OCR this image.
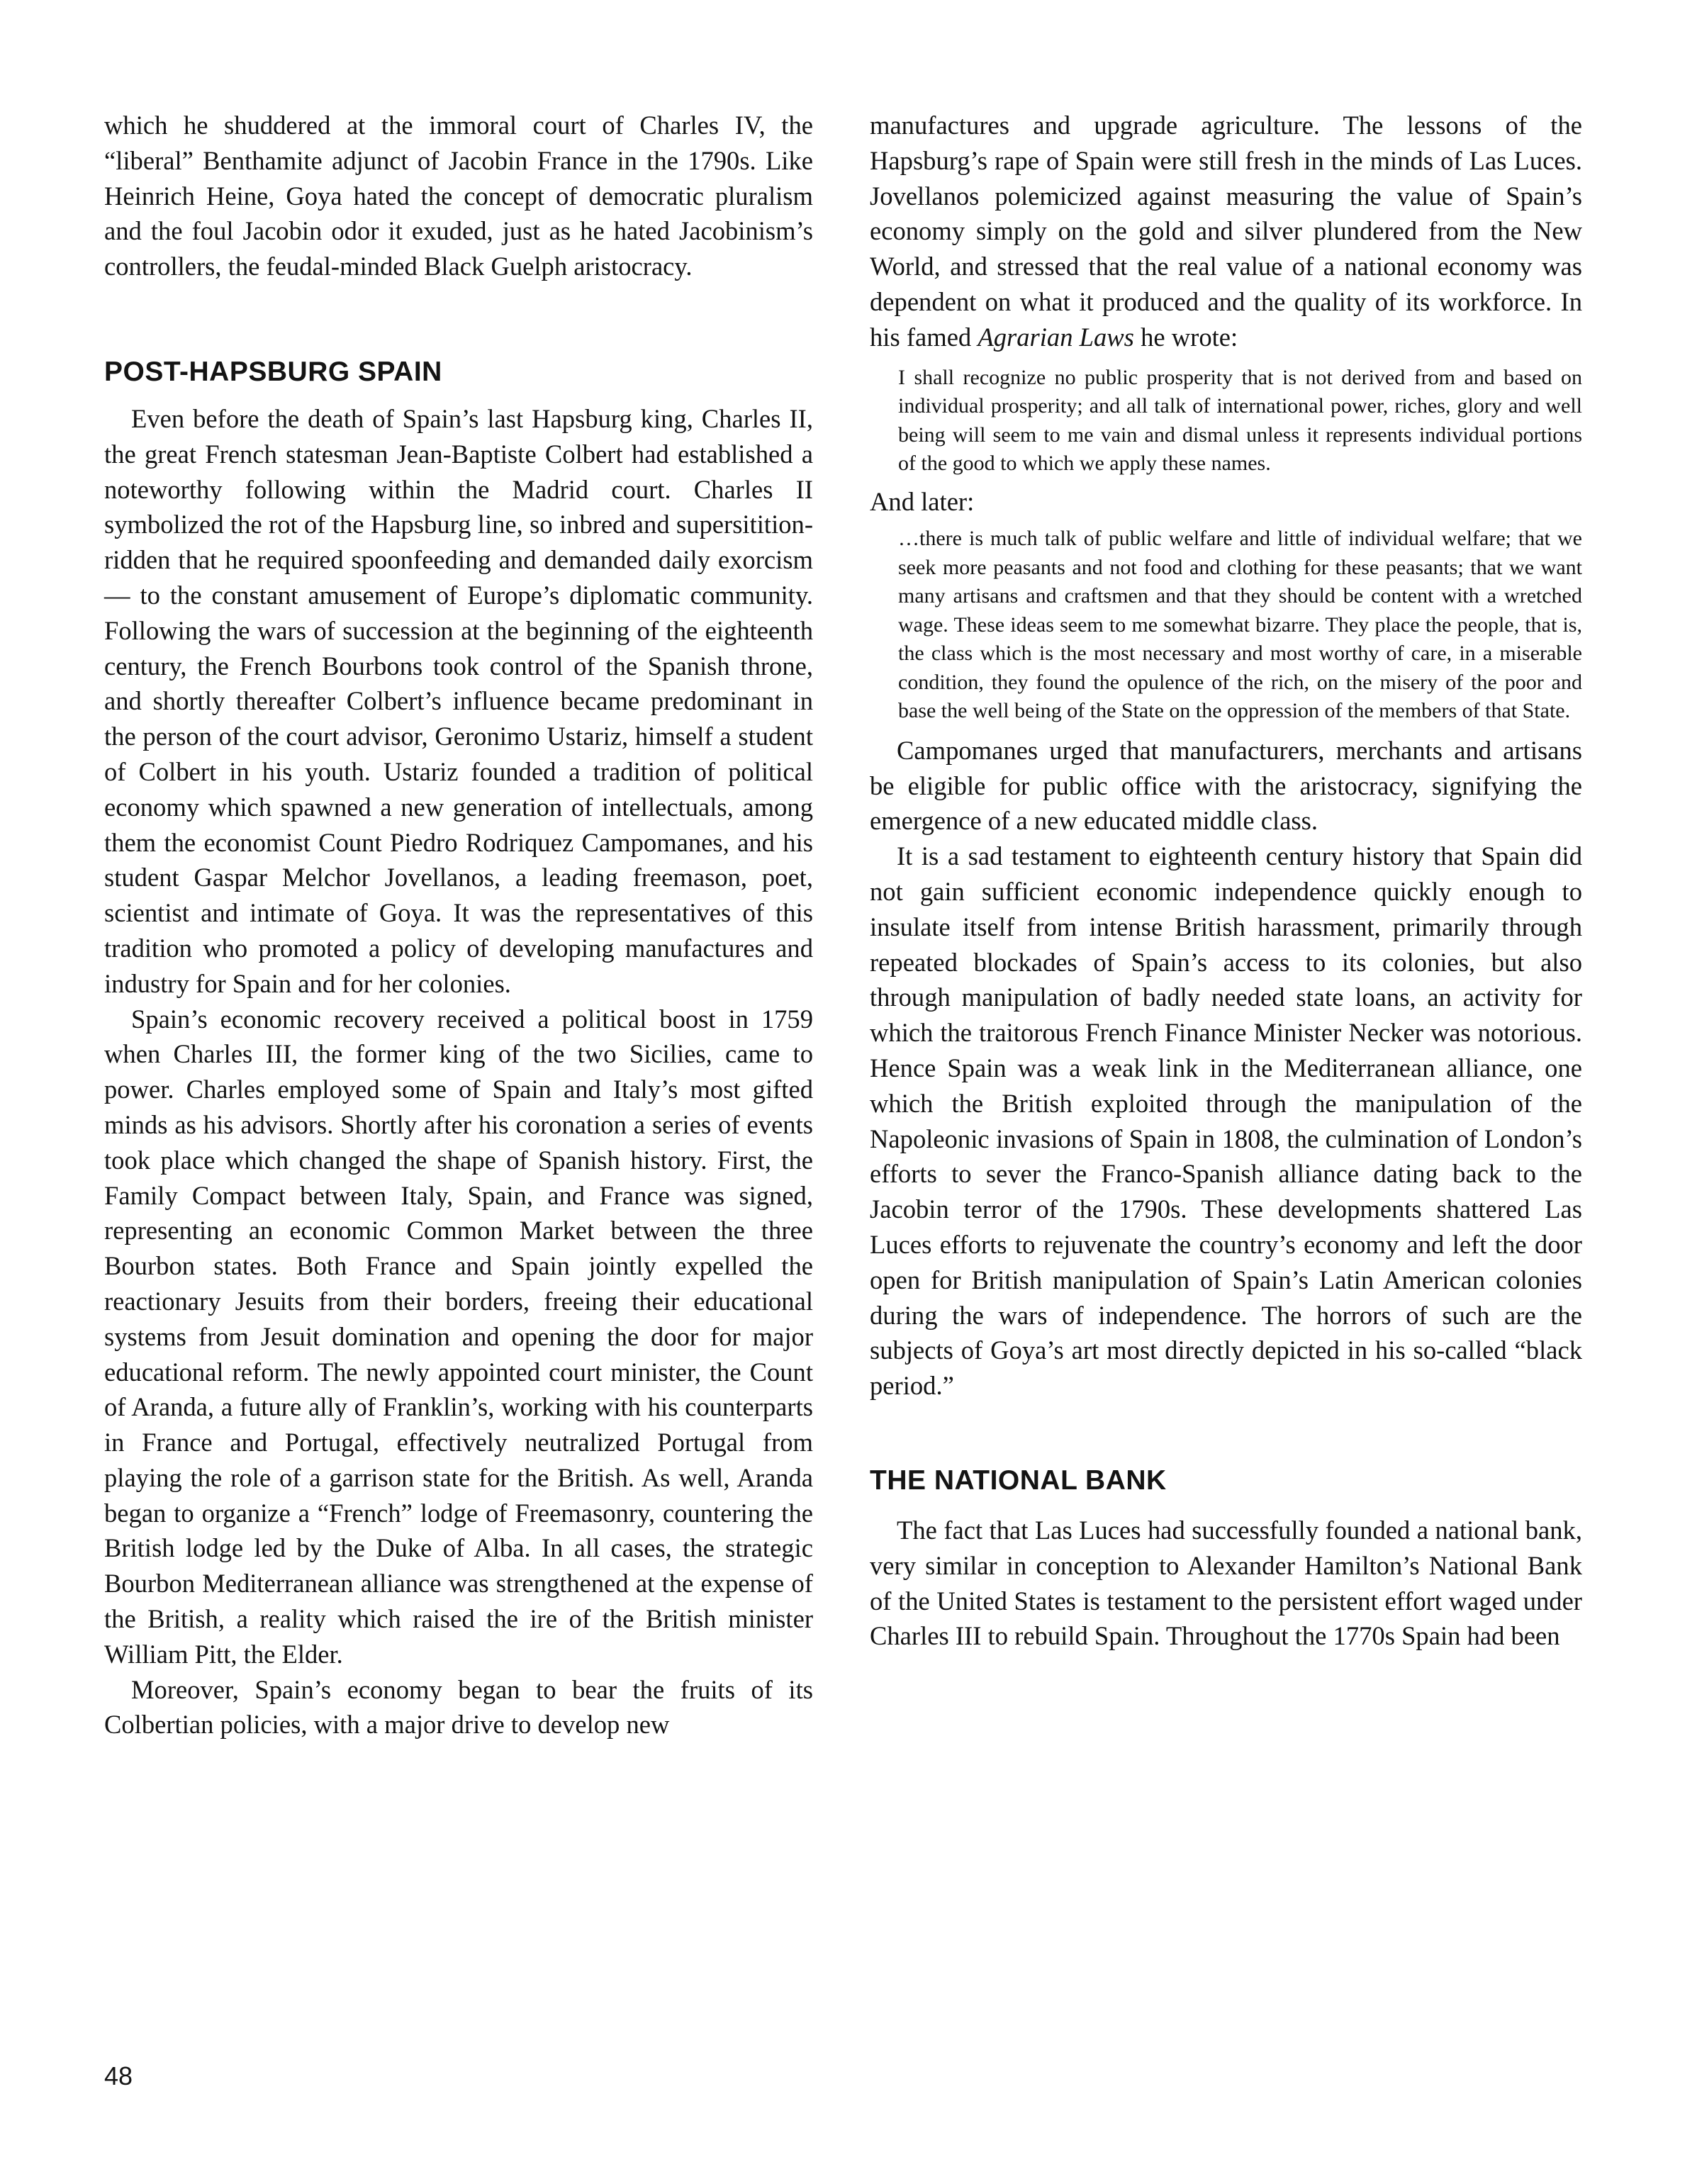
which he shuddered at the immoral court of Charles IV, the “liberal” Benthamite adjunct of Jacobin France in the 1790s. Like Heinrich Heine, Goya hated the concept of democratic pluralism and the foul Jacobin odor it exuded, just as he hated Jacobinism’s controllers, the feudal-minded Black Guelph aristocracy.

POST-HAPSBURG SPAIN

Even before the death of Spain’s last Hapsburg king, Charles II, the great French statesman Jean-Baptiste Colbert had established a noteworthy following within the Madrid court. Charles II symbolized the rot of the Hapsburg line, so inbred and supersitition-ridden that he required spoonfeeding and demanded daily exorcism — to the constant amusement of Europe’s diplomatic community. Following the wars of succession at the beginning of the eighteenth century, the French Bourbons took control of the Spanish throne, and shortly thereafter Colbert’s influence became predominant in the person of the court advisor, Geronimo Ustariz, himself a student of Colbert in his youth. Ustariz founded a tradition of political economy which spawned a new generation of intellectuals, among them the economist Count Piedro Rodriquez Campomanes, and his student Gaspar Melchor Jovellanos, a leading freemason, poet, scientist and intimate of Goya. It was the representatives of this tradition who promoted a policy of developing manufactures and industry for Spain and for her colonies.

Spain’s economic recovery received a political boost in 1759 when Charles III, the former king of the two Sicilies, came to power. Charles employed some of Spain and Italy’s most gifted minds as his advisors. Shortly after his coronation a series of events took place which changed the shape of Spanish history. First, the Family Compact between Italy, Spain, and France was signed, representing an economic Common Market between the three Bourbon states. Both France and Spain jointly expelled the reactionary Jesuits from their borders, freeing their educational systems from Jesuit domination and opening the door for major educational reform. The newly appointed court minister, the Count of Aranda, a future ally of Franklin’s, working with his counterparts in France and Portugal, effectively neutralized Portugal from playing the role of a garrison state for the British. As well, Aranda began to organize a “French” lodge of Freemasonry, countering the British lodge led by the Duke of Alba. In all cases, the strategic Bourbon Mediterranean alliance was strengthened at the expense of the British, a reality which raised the ire of the British minister William Pitt, the Elder.

Moreover, Spain’s economy began to bear the fruits of its Colbertian policies, with a major drive to develop new

manufactures and upgrade agriculture. The lessons of the Hapsburg’s rape of Spain were still fresh in the minds of Las Luces. Jovellanos polemicized against measuring the value of Spain’s economy simply on the gold and silver plundered from the New World, and stressed that the real value of a national economy was dependent on what it produced and the quality of its workforce. In his famed Agrarian Laws he wrote:

I shall recognize no public prosperity that is not derived from and based on individual prosperity; and all talk of international power, riches, glory and well being will seem to me vain and dismal unless it represents individual portions of the good to which we apply these names.

And later:

…there is much talk of public welfare and little of individual welfare; that we seek more peasants and not food and clothing for these peasants; that we want many artisans and craftsmen and that they should be content with a wretched wage. These ideas seem to me somewhat bizarre. They place the people, that is, the class which is the most necessary and most worthy of care, in a miserable condition, they found the opulence of the rich, on the misery of the poor and base the well being of the State on the oppression of the members of that State.

Campomanes urged that manufacturers, merchants and artisans be eligible for public office with the aristocracy, signifying the emergence of a new educated middle class.

It is a sad testament to eighteenth century history that Spain did not gain sufficient economic independence quickly enough to insulate itself from intense British harassment, primarily through repeated blockades of Spain’s access to its colonies, but also through manipulation of badly needed state loans, an activity for which the traitorous French Finance Minister Necker was notorious. Hence Spain was a weak link in the Mediterranean alliance, one which the British exploited through the manipulation of the Napoleonic invasions of Spain in 1808, the culmination of London’s efforts to sever the Franco-Spanish alliance dating back to the Jacobin terror of the 1790s. These developments shattered Las Luces efforts to rejuvenate the country’s economy and left the door open for British manipulation of Spain’s Latin American colonies during the wars of independence. The horrors of such are the subjects of Goya’s art most directly depicted in his so-called “black period.”

THE NATIONAL BANK

The fact that Las Luces had successfully founded a national bank, very similar in conception to Alexander Hamilton’s National Bank of the United States is testament to the persistent effort waged under Charles III to rebuild Spain. Throughout the 1770s Spain had been

48
